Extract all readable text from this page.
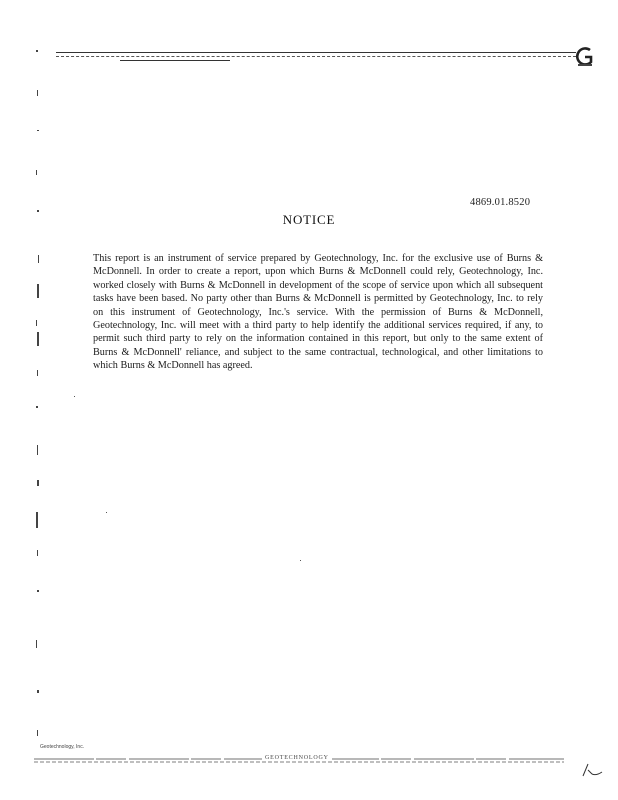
4869.01.8520
NOTICE
This report is an instrument of service prepared by Geotechnology, Inc. for the exclusive use of Burns & McDonnell. In order to create a report, upon which Burns & McDonnell could rely, Geotechnology, Inc. worked closely with Burns & McDonnell in development of the scope of service upon which all subsequent tasks have been based. No party other than Burns & McDonnell is permitted by Geotechnology, Inc. to rely on this instrument of Geotechnology, Inc.'s service. With the permission of Burns & McDonnell, Geotechnology, Inc. will meet with a third party to help identify the additional services required, if any, to permit such third party to rely on the information contained in this report, but only to the same extent of Burns & McDonnell' reliance, and subject to the same contractual, technological, and other limitations to which Burns & McDonnell has agreed.
Geotechnology, Inc.
GEOTECHNOLOGY
